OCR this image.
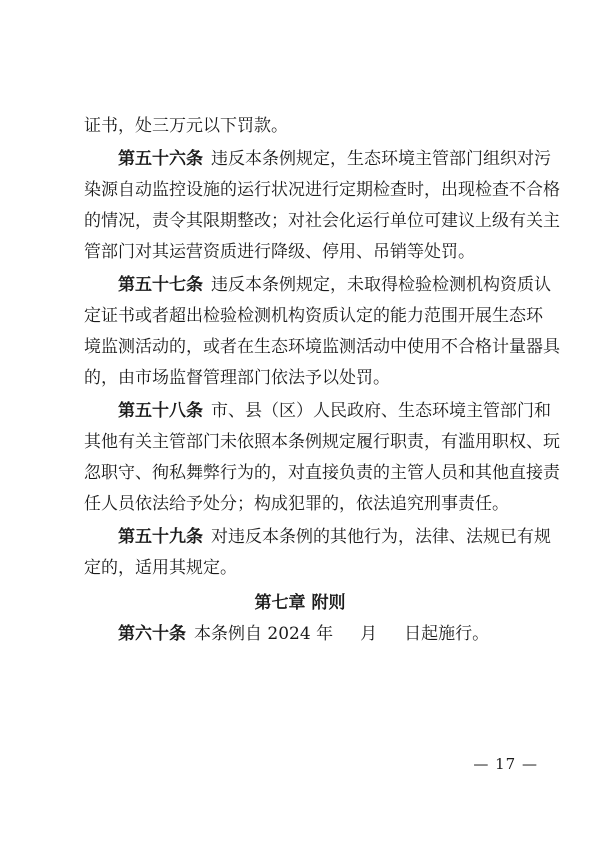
证书，处三万元以下罚款。
第五十六条 违反本条例规定，生态环境主管部门组织对污
染源自动监控设施的运行状况进行定期检查时，出现检查不合格
的情况，责令其限期整改；对社会化运行单位可建议上级有关主
管部门对其运营资质进行降级、停用、吊销等处罚。
第五十七条 违反本条例规定，未取得检验检测机构资质认
定证书或者超出检验检测机构资质认定的能力范围开展生态环
境监测活动的，或者在生态环境监测活动中使用不合格计量器具
的，由市场监督管理部门依法予以处罚。
第五十八条 市、县（区）人民政府、生态环境主管部门和
其他有关主管部门未依照本条例规定履行职责，有滥用职权、玩
忽职守、徇私舞弊行为的，对直接负责的主管人员和其他直接责
任人员依法给予处分；构成犯罪的，依法追究刑事责任。
第五十九条 对违反本条例的其他行为，法律、法规已有规
定的，适用其规定。
第七章 附则
第六十条 本条例自 2024 年     月     日起施行。
— 17 —
